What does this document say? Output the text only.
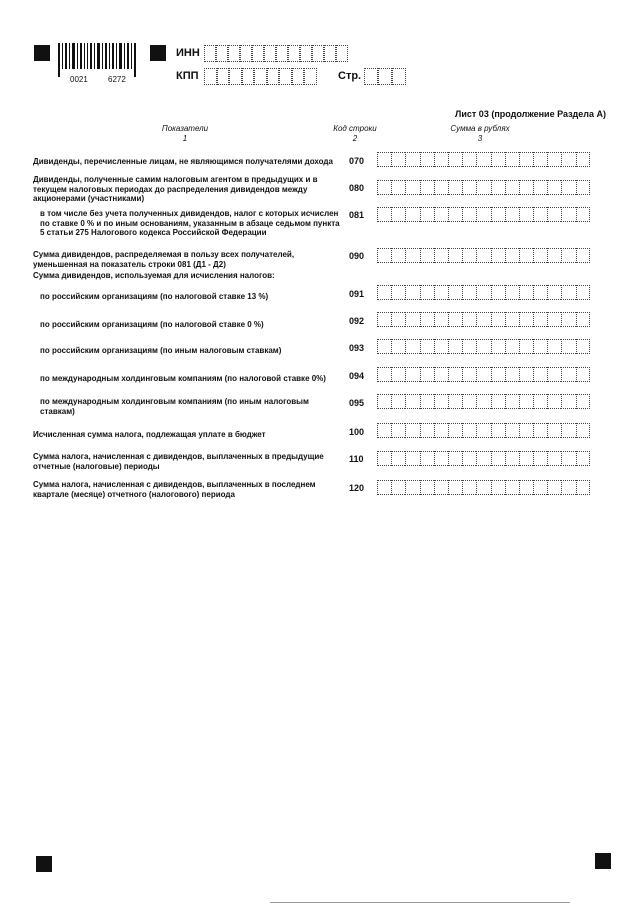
0021	6272
ИНН
КПП	Стр.
Лист 03 (продолжение Раздела А)
Показатели
1
Код строки
2
Сумма в рублях
3
Дивиденды, перечисленные лицам, не являющимся получателями дохода	070
Дивиденды, полученные самим налоговым агентом в предыдущих и в текущем налоговых периодах до распределения дивидендов между акционерами (участниками)
080
в том числе без учета полученных дивидендов, налог с которых исчислен по ставке 0 % и по иным основаниям, указанным в абзаце седьмом пункта 5 статьи 275 Налогового кодекса Российской Федерации
081
Сумма дивидендов, распределяемая в пользу всех получателей, уменьшенная на показатель строки 081 (Д1 - Д2)
090
Сумма дивидендов, используемая для исчисления налогов:
по российским организациям (по налоговой ставке 13 %)	091
по российским организациям (по налоговой ставке 0 %)	092
по российским организациям (по иным налоговым ставкам)	093
по международным холдинговым компаниям (по налоговой ставке 0%)	094
по международным холдинговым компаниям (по иным налоговым ставкам)
095
Исчисленная сумма налога, подлежащая уплате в бюджет	100
Сумма налога, начисленная с дивидендов, выплаченных в предыдущие отчетные (налоговые) периоды
110
Сумма налога, начисленная с дивидендов, выплаченных в последнем квартале (месяце) отчетного (налогового) периода
120
